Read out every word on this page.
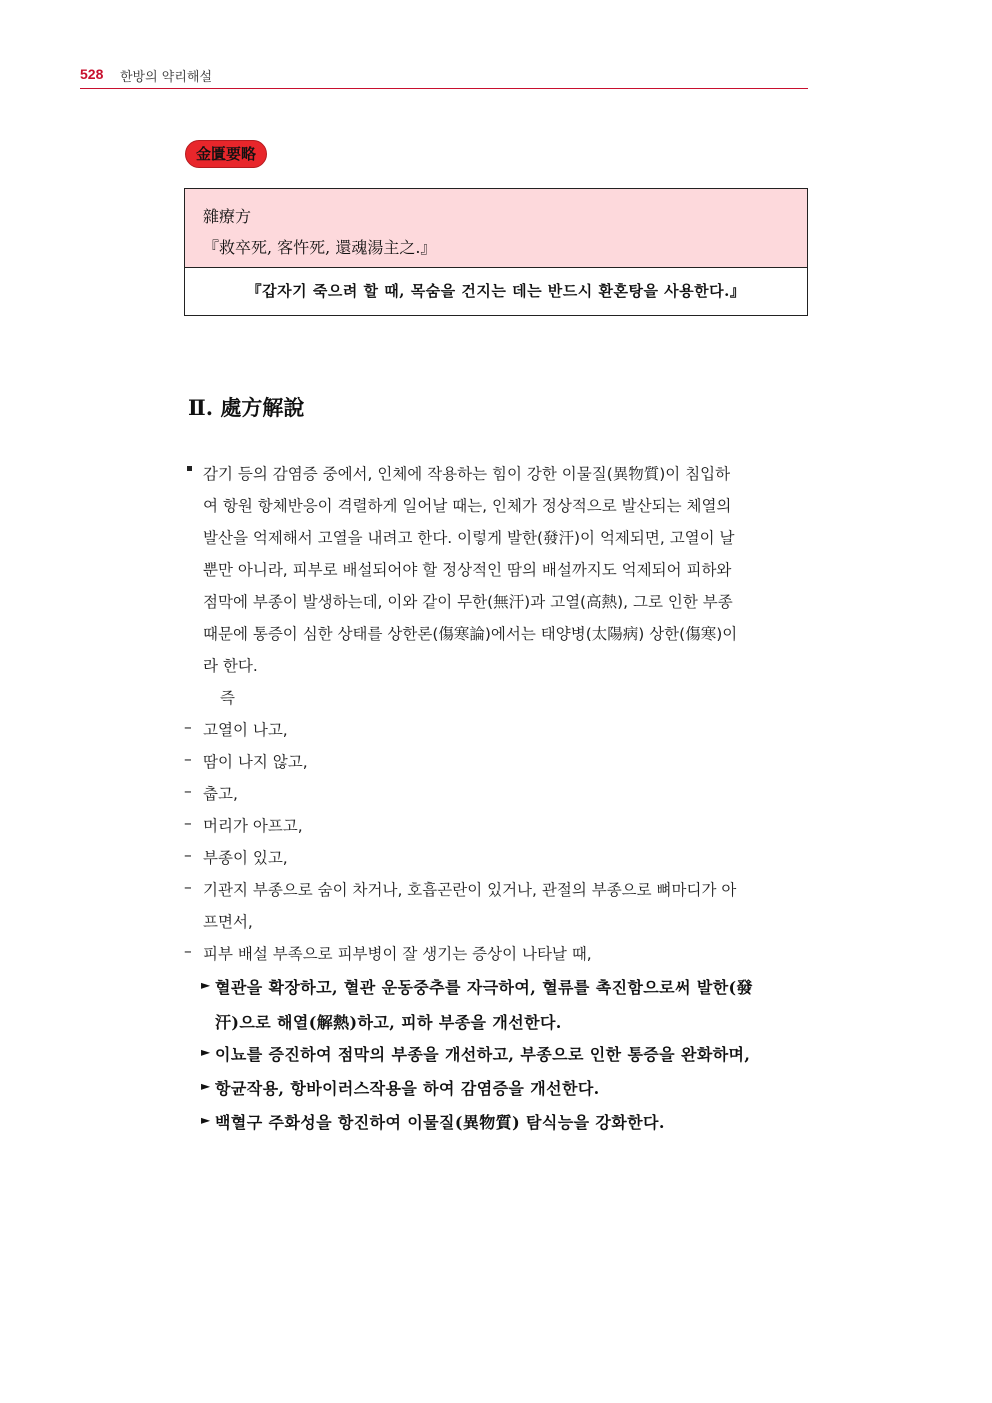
528 한방의 약리해설
金匱要略
雜療方
『救卒死, 客忤死, 還魂湯主之.』
『갑자기 죽으려 할 때, 목숨을 건지는 데는 반드시 환혼탕을 사용한다.』
Ⅱ. 處方解說
감기 등의 감염증 중에서, 인체에 작용하는 힘이 강한 이물질(異物質)이 침입하
여 항원 항체반응이 격렬하게 일어날 때는, 인체가 정상적으로 발산되는 체열의
발산을 억제해서 고열을 내려고 한다. 이렇게 발한(發汗)이 억제되면, 고열이 날
뿐만 아니라, 피부로 배설되어야 할 정상적인 땀의 배설까지도 억제되어 피하와
점막에 부종이 발생하는데, 이와 같이 무한(無汗)과 고열(高熱), 그로 인한 부종
때문에 통증이 심한 상태를 상한론(傷寒論)에서는 태양병(太陽病) 상한(傷寒)이
라 한다.
즉
– 고열이 나고,
– 땀이 나지 않고,
– 춥고,
– 머리가 아프고,
– 부종이 있고,
– 기관지 부종으로 숨이 차거나, 호흡곤란이 있거나, 관절의 부종으로 뼈마디가 아
프면서,
– 피부 배설 부족으로 피부병이 잘 생기는 증상이 나타날 때,
► 혈관을 확장하고, 혈관 운동중추를 자극하여, 혈류를 촉진함으로써 발한(發
汗)으로 해열(解熱)하고, 피하 부종을 개선한다.
► 이뇨를 증진하여 점막의 부종을 개선하고, 부종으로 인한 통증을 완화하며,
► 항균작용, 항바이러스작용을 하여 감염증을 개선한다.
► 백혈구 주화성을 항진하여 이물질(異物質) 탐식능을 강화한다.
